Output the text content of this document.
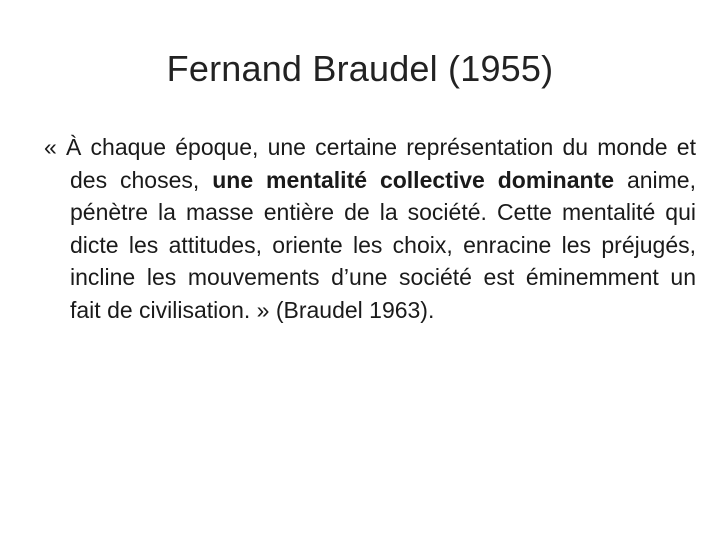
Fernand Braudel (1955)

« À chaque époque, une certaine représentation du monde et des choses, une mentalité collective dominante anime, pénètre la masse entière de la société. Cette mentalité qui dicte les attitudes, oriente les choix, enracine les préjugés, incline les mouvements d’une société est éminemment un fait de civilisation. » (Braudel 1963).
